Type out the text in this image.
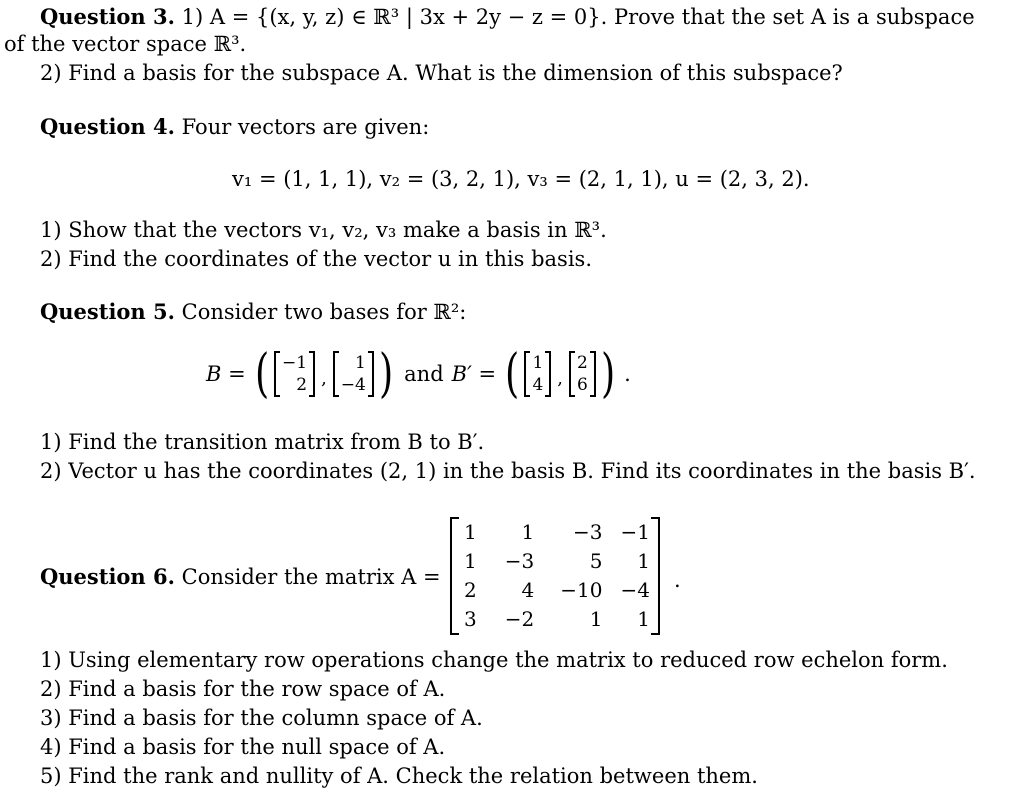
Question 3. 1) A = {(x, y, z) ∈ ℝ³ | 3x + 2y − z = 0}. Prove that the set A is a subspace
of the vector space ℝ³.
2) Find a basis for the subspace A. What is the dimension of this subspace?
Question 4. Four vectors are given:
v₁ = (1, 1, 1), v₂ = (3, 2, 1), v₃ = (2, 1, 1), u = (2, 3, 2).
1) Show that the vectors v₁, v₂, v₃ make a basis in ℝ³.
2) Find the coordinates of the vector u in this basis.
Question 5. Consider two bases for ℝ²:
B = ( −1
2 ,
1
−4 ) and B′ = ( 1
4 ,
2
6 ) .
1) Find the transition matrix from B to B′.
2) Vector u has the coordinates (2, 1) in the basis B. Find its coordinates in the basis B′.
Question 6. Consider the matrix A =
1	1	−3	−1
1	−3	5	1
2	4	−10	−4
3	−2	1	1
.
1) Using elementary row operations change the matrix to reduced row echelon form.
2) Find a basis for the row space of A.
3) Find a basis for the column space of A.
4) Find a basis for the null space of A.
5) Find the rank and nullity of A. Check the relation between them.
